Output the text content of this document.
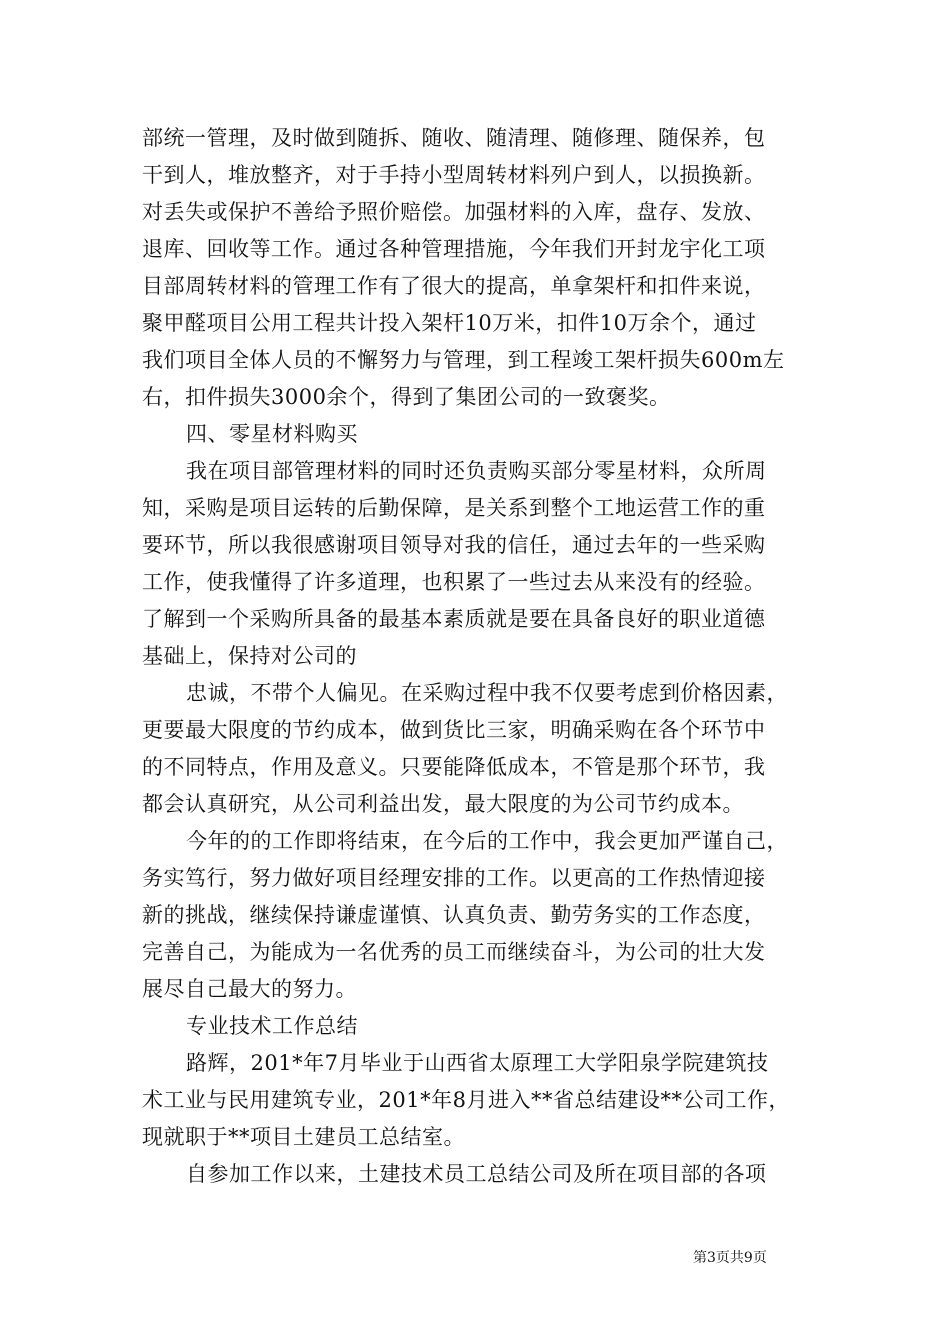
部统一管理，及时做到随拆、随收、随清理、随修理、随保养，包
干到人，堆放整齐，对于手持小型周转材料列户到人，以损换新。
对丢失或保护不善给予照价赔偿。加强材料的入库，盘存、发放、
退库、回收等工作。通过各种管理措施，今年我们开封龙宇化工项
目部周转材料的管理工作有了很大的提高，单拿架杆和扣件来说，
聚甲醛项目公用工程共计投入架杆10万米，扣件10万余个，通过
我们项目全体人员的不懈努力与管理，到工程竣工架杆损失600m左
右，扣件损失3000余个，得到了集团公司的一致褒奖。
四、零星材料购买
我在项目部管理材料的同时还负责购买部分零星材料，众所周
知，采购是项目运转的后勤保障，是关系到整个工地运营工作的重
要环节，所以我很感谢项目领导对我的信任，通过去年的一些采购
工作，使我懂得了许多道理，也积累了一些过去从来没有的经验。
了解到一个采购所具备的最基本素质就是要在具备良好的职业道德
基础上，保持对公司的
忠诚，不带个人偏见。在采购过程中我不仅要考虑到价格因素，
更要最大限度的节约成本，做到货比三家，明确采购在各个环节中
的不同特点，作用及意义。只要能降低成本，不管是那个环节，我
都会认真研究，从公司利益出发，最大限度的为公司节约成本。
今年的的工作即将结束，在今后的工作中，我会更加严谨自己，
务实笃行，努力做好项目经理安排的工作。以更高的工作热情迎接
新的挑战，继续保持谦虚谨慎、认真负责、勤劳务实的工作态度，
完善自己，为能成为一名优秀的员工而继续奋斗，为公司的壮大发
展尽自己最大的努力。
专业技术工作总结
路辉，201*年7月毕业于山西省太原理工大学阳泉学院建筑技
术工业与民用建筑专业，201*年8月进入**省总结建设**公司工作，
现就职于**项目土建员工总结室。
自参加工作以来，土建技术员工总结公司及所在项目部的各项
第3页共9页
